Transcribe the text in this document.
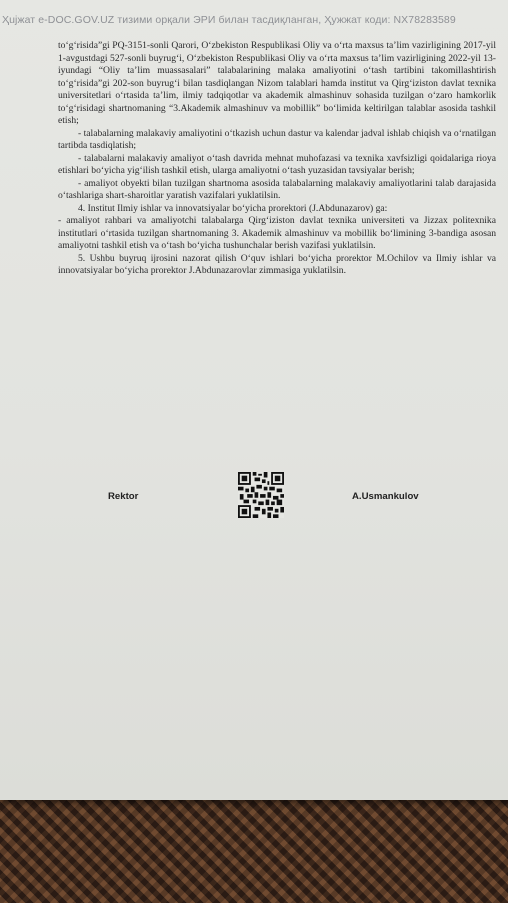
Ҳujжат e-DOC.GOV.UZ тизими орқали ЭРИ билан тасдиқланган, Ҳужжат коди: NX78283589

to‘g‘risida”gi PQ-3151-sonli Qarori, O‘zbekiston Respublikasi Oliy va o‘rta maxsus ta’lim vazirligining 2017-yil 1-avgustdagi 527-sonli buyrug‘i, O‘zbekiston Respublikasi Oliy va o‘rta maxsus ta’lim vazirligining 2022-yil 13-iyundagi “Oliy ta’lim muassasalari” talabalarining malaka amaliyotini o‘tash tartibini takomillashtirish to‘g‘risida”gi 202-son buyrug‘i bilan tasdiqlangan Nizom talablari hamda institut va Qirg‘iziston davlat texnika universitetlari o‘rtasida ta’lim, ilmiy tadqiqotlar va akademik almashinuv sohasida tuzilgan o‘zaro hamkorlik to‘g‘risidagi shartnomaning “3.Akademik almashinuv va mobillik” bo‘limida keltirilgan talablar asosida tashkil etish;

- talabalarning malakaviy amaliyotini o‘tkazish uchun dastur va kalendar jadval ishlab chiqish va o‘rnatilgan tartibda tasdiqlatish;

- talabalarni malakaviy amaliyot o‘tash davrida mehnat muhofazasi va texnika xavfsizligi qoidalariga rioya etishlari bo‘yicha yig‘ilish tashkil etish, ularga amaliyotni o‘tash yuzasidan tavsiyalar berish;

- amaliyot obyekti bilan tuzilgan shartnoma asosida talabalarning malakaviy amaliyotlarini talab darajasida o‘tashlariga shart-sharoitlar yaratish vazifalari yuklatilsin.

4. Institut Ilmiy ishlar va innovatsiyalar bo‘yicha prorektori (J.Abdunazarov) ga:

- amaliyot rahbari va amaliyotchi talabalarga Qirg‘iziston davlat texnika universiteti va Jizzax politexnika institutlari o‘rtasida tuzilgan shartnomaning 3. Akademik almashinuv va mobillik bo‘limining 3-bandiga asosan amaliyotni tashkil etish va o‘tash bo‘yicha tushunchalar berish vazifasi yuklatilsin.

5. Ushbu buyruq ijrosini nazorat qilish O‘quv ishlari bo‘yicha prorektor M.Ochilov va Ilmiy ishlar va innovatsiyalar bo‘yicha prorektor J.Abdunazarovlar zimmasiga yuklatilsin.

Rektor	A.Usmankulov
